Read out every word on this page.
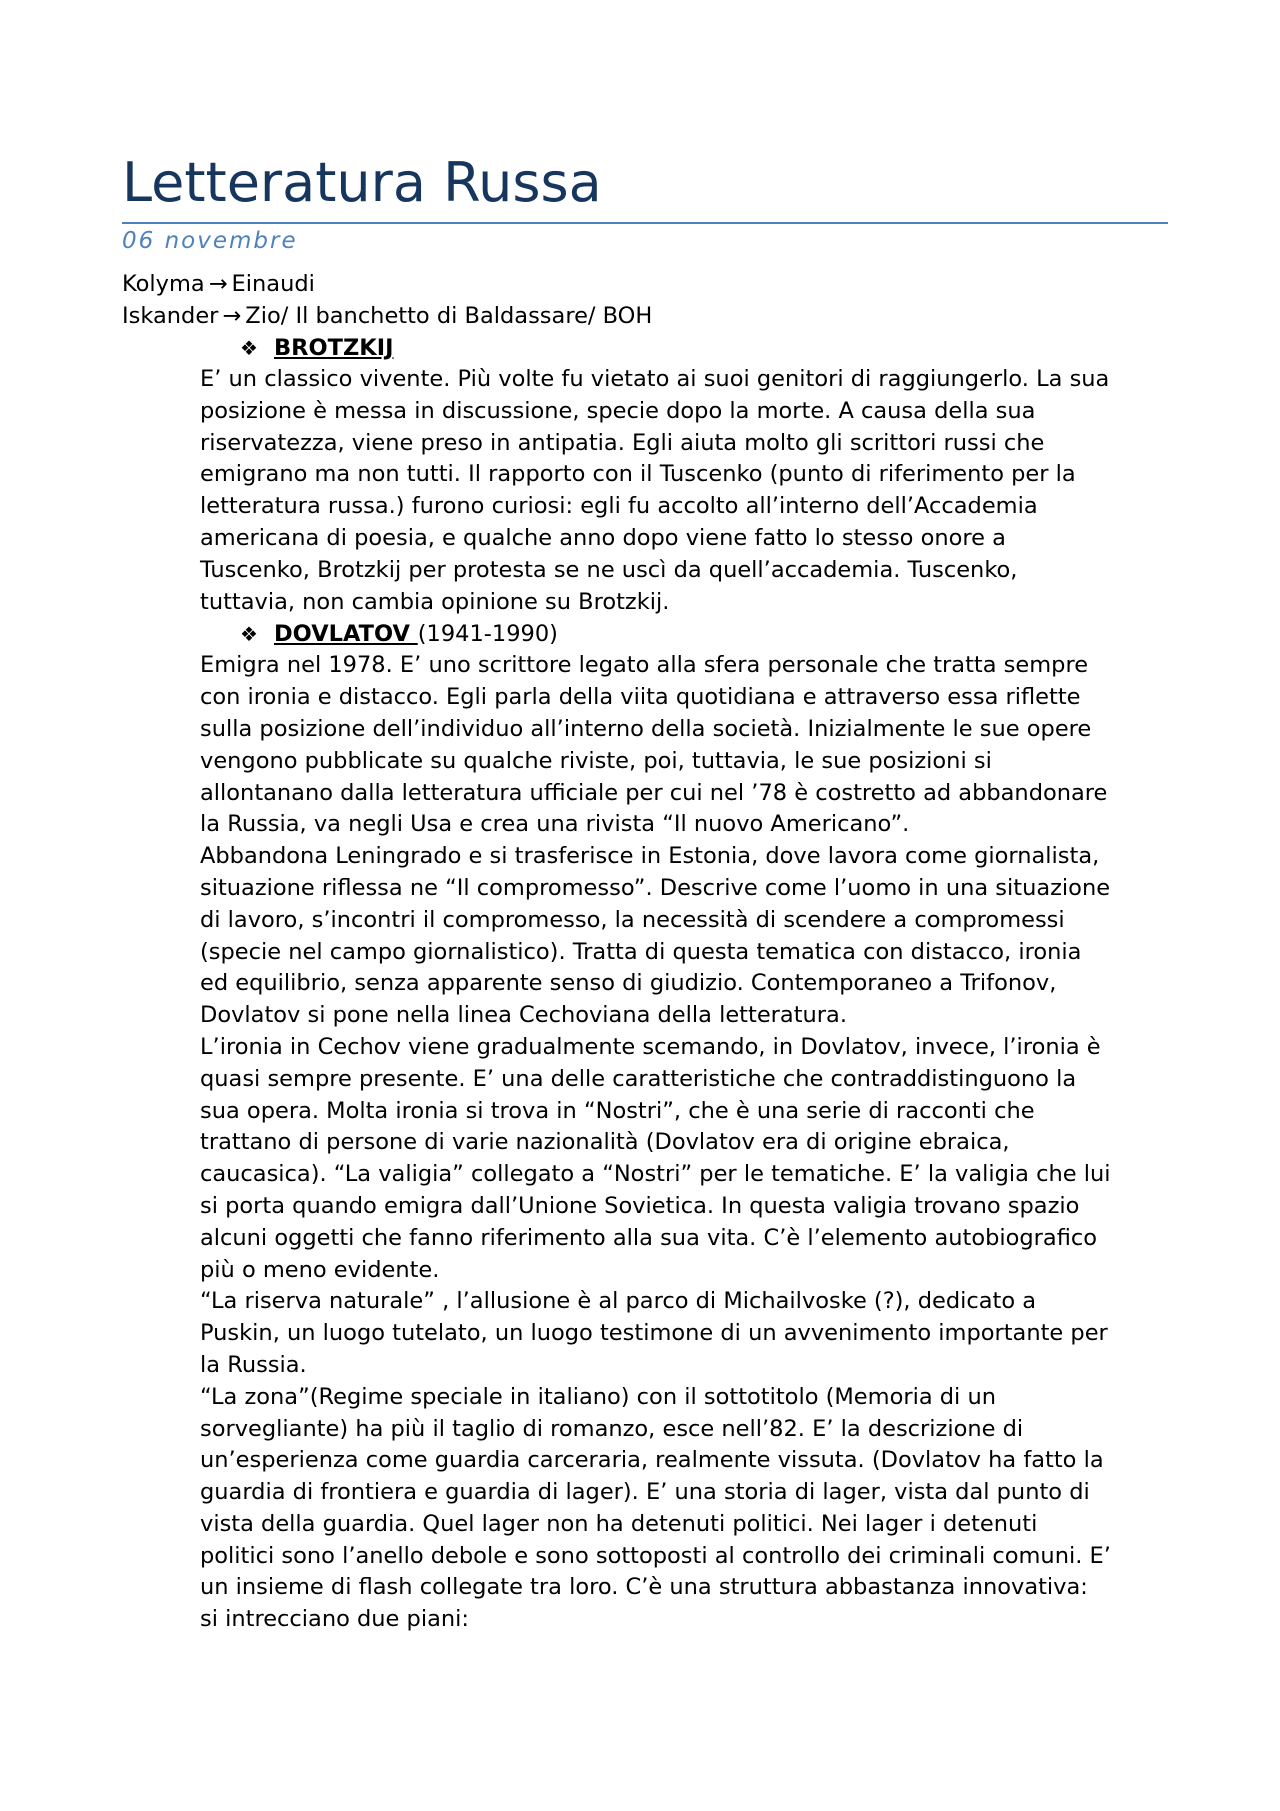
Letteratura Russa
06 novembre

Kolyma → Einaudi

Iskander → Zio/ Il banchetto di Baldassare/ BOH

❖ BROTZKIJ

E’ un classico vivente. Più volte fu vietato ai suoi genitori di raggiungerlo. La sua
posizione è messa in discussione, specie dopo la morte. A causa della sua
riservatezza, viene preso in antipatia. Egli aiuta molto gli scrittori russi che
emigrano ma non tutti. Il rapporto con il Tuscenko (punto di riferimento per la
letteratura russa.) furono curiosi: egli fu accolto all’interno dell’Accademia
americana di poesia, e qualche anno dopo viene fatto lo stesso onore a
Tuscenko, Brotzkij per protesta se ne uscì da quell’accademia. Tuscenko,
tuttavia, non cambia opinione su Brotzkij.

❖ DOVLATOV (1941-1990)

Emigra nel 1978. E’ uno scrittore legato alla sfera personale che tratta sempre
con ironia e distacco. Egli parla della viita quotidiana e attraverso essa riflette
sulla posizione dell’individuo all’interno della società. Inizialmente le sue opere
vengono pubblicate su qualche riviste, poi, tuttavia, le sue posizioni si
allontanano dalla letteratura ufficiale per cui nel ’78 è costretto ad abbandonare
la Russia, va negli Usa e crea una rivista “Il nuovo Americano”.
Abbandona Leningrado e si trasferisce in Estonia, dove lavora come giornalista,
situazione riflessa ne “Il compromesso”. Descrive come l’uomo in una situazione
di lavoro, s’incontri il compromesso, la necessità di scendere a compromessi
(specie nel campo giornalistico). Tratta di questa tematica con distacco, ironia
ed equilibrio, senza apparente senso di giudizio. Contemporaneo a Trifonov,
Dovlatov si pone nella linea Cechoviana della letteratura.
L’ironia in Cechov viene gradualmente scemando, in Dovlatov, invece, l’ironia è
quasi sempre presente. E’ una delle caratteristiche che contraddistinguono la
sua opera. Molta ironia si trova in “Nostri”, che è una serie di racconti che
trattano di persone di varie nazionalità (Dovlatov era di origine ebraica,
caucasica). “La valigia” collegato a “Nostri” per le tematiche. E’ la valigia che lui
si porta quando emigra dall’Unione Sovietica. In questa valigia trovano spazio
alcuni oggetti che fanno riferimento alla sua vita. C’è l’elemento autobiografico
più o meno evidente.
“La riserva naturale” , l’allusione è al parco di Michailvoske (?), dedicato a
Puskin, un luogo tutelato, un luogo testimone di un avvenimento importante per
la Russia.
“La zona”(Regime speciale in italiano) con il sottotitolo (Memoria di un
sorvegliante) ha più il taglio di romanzo, esce nell’82. E’ la descrizione di
un’esperienza come guardia carceraria, realmente vissuta. (Dovlatov ha fatto la
guardia di frontiera e guardia di lager). E’ una storia di lager, vista dal punto di
vista della guardia. Quel lager non ha detenuti politici. Nei lager i detenuti
politici sono l’anello debole e sono sottoposti al controllo dei criminali comuni. E’
un insieme di flash collegate tra loro. C’è una struttura abbastanza innovativa:
si intrecciano due piani:
